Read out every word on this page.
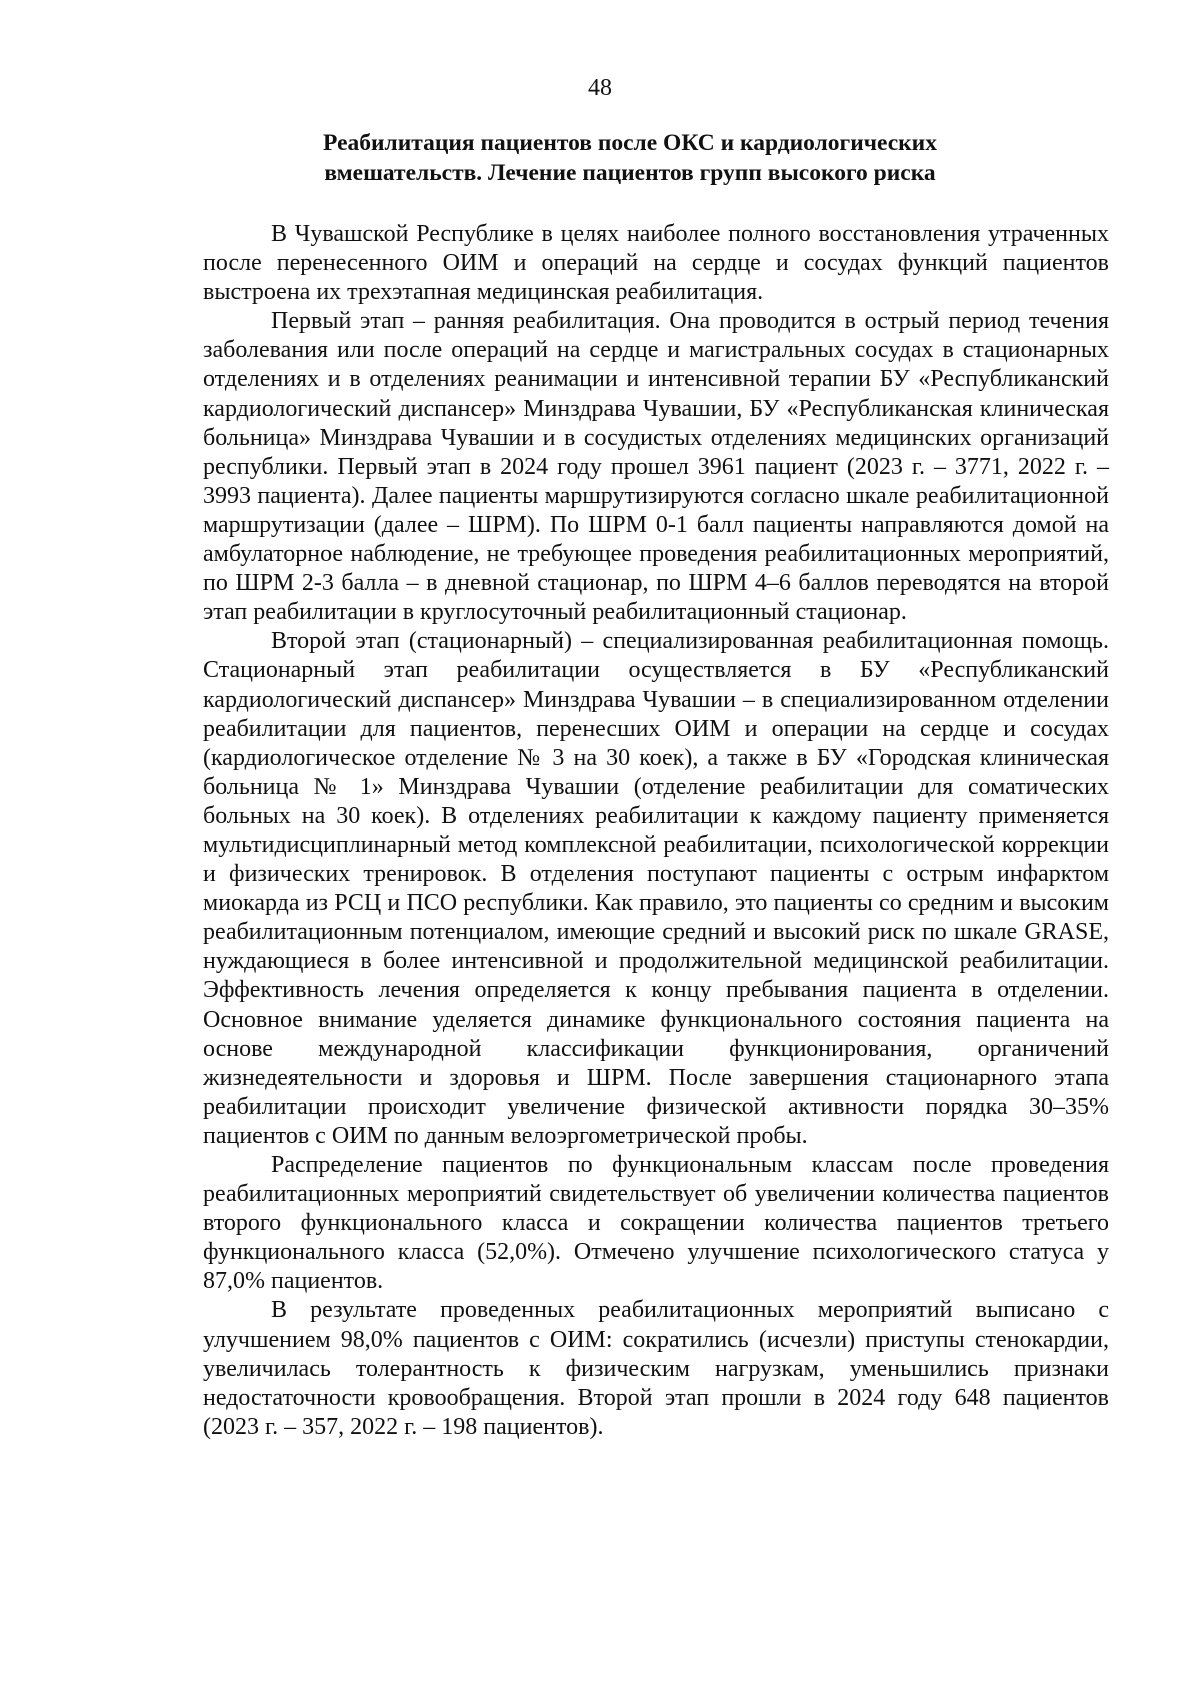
48
Реабилитация пациентов после ОКС и кардиологических
вмешательств. Лечение пациентов групп высокого риска

В Чувашской Республике в целях наиболее полного восстановления утраченных после перенесенного ОИМ и операций на сердце и сосудах функций пациентов выстроена их трехэтапная медицинская реабилитация.

Первый этап – ранняя реабилитация. Она проводится в острый период течения заболевания или после операций на сердце и магистральных сосудах в стационарных отделениях и в отделениях реанимации и интенсивной терапии БУ «Республиканский кардиологический диспансер» Минздрава Чувашии, БУ «Республиканская клиническая больница» Минздрава Чувашии и в сосудистых отделениях медицинских организаций республики. Первый этап в 2024 году прошел 3961 пациент (2023 г. – 3771, 2022 г. – 3993 пациента). Далее пациенты маршрутизируются согласно шкале реабилитационной маршрутизации (далее – ШРМ). По ШРМ 0-1 балл пациенты направляются домой на амбулаторное наблюдение, не требующее проведения реабилитационных мероприятий, по ШРМ 2-3 балла – в дневной стационар, по ШРМ 4–6 баллов переводятся на второй этап реабилитации в круглосуточный реабилитационный стационар.

Второй этап (стационарный) – специализированная реабилитационная помощь. Стационарный этап реабилитации осуществляется в БУ «Республиканский кардиологический диспансер» Минздрава Чувашии – в специализированном отделении реабилитации для пациентов, перенесших ОИМ и операции на сердце и сосудах (кардиологическое отделение № 3 на 30 коек), а также в БУ «Городская клиническая больница № 1» Минздрава Чувашии (отделение реабилитации для соматических больных на 30 коек). В отделениях реабилитации к каждому пациенту применяется мультидисциплинарный метод комплексной реабилитации, психологической коррекции и физических тренировок. В отделения поступают пациенты с острым инфарктом миокарда из РСЦ и ПСО республики. Как правило, это пациенты со средним и высоким реабилитационным потенциалом, имеющие средний и высокий риск по шкале GRASE, нуждающиеся в более интенсивной и продолжительной медицинской реабилитации. Эффективность лечения определяется к концу пребывания пациента в отделении. Основное внимание уделяется динамике функционального состояния пациента на основе международной классификации функционирования, органичений жизнедеятельности и здоровья и ШРМ. После завершения стационарного этапа реабилитации происходит увеличение физической активности порядка 30–35% пациентов с ОИМ по данным велоэргометрической пробы.

Распределение пациентов по функциональным классам после проведения реабилитационных мероприятий свидетельствует об увеличении количества пациентов второго функционального класса и сокращении количества пациентов третьего функционального класса (52,0%). Отмечено улучшение психологического статуса у 87,0% пациентов.

В результате проведенных реабилитационных мероприятий выписано с улучшением 98,0% пациентов с ОИМ: сократились (исчезли) приступы стенокардии, увеличилась толерантность к физическим нагрузкам, уменьшились признаки недостаточности кровообращения. Второй этап прошли в 2024 году 648 пациентов (2023 г. – 357, 2022 г. – 198 пациентов).
